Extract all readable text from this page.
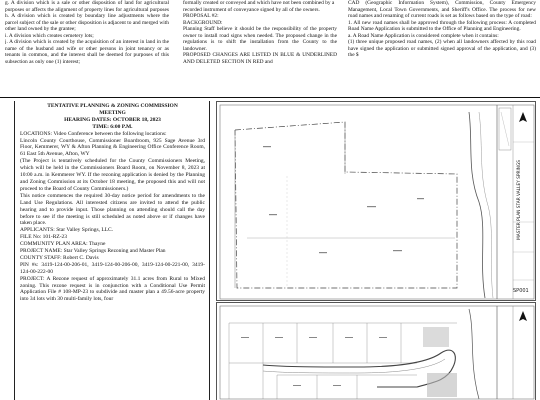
g. A division which is a sale or other disposition of land for agricultural purposes or affects the alignment of property lines for agricultural purposes h. A division which is created by boundary line adjustments where the parcel subject of the sale or other disposition is adjacent to and merged with other land owned by the grantee;

i. A division which creates cemetery lots;

j. A division which is created by the acquisition of an interest in land in the name of the husband and wife or other persons in joint tenancy or as tenants in common, and the interest shall be deemed for purposes of this subsection as only one (1) interest;

formally created or conveyed and which have not been combined by a

recorded instrument of conveyance signed by all of the owners.

PROPOSAL #2:

BACKGROUND:

Planning Staff believe it should be the responsibility of the property owner to install road signs when needed. The proposed change in the regulations is to shift the installation from the County to the landowner.

PROPOSED CHANGES ARE LISTED IN BLUE & UNDERLINED AND DELETED SECTION IN RED and

CAD (Geographic Information System), Commission, County Emergency Management, Local Town Governments, and Sheriff's Office. The process for new road names and renaming of current roads is set as follows based on the type of road:

1. All new road names shall be approved through the following process: A completed Road Name Application is submitted to the Office of Planning and Engineering.

a. A Road Name Application is considered complete when it contains:

(1) three unique proposed road names, (2) when all landowners affected by this road have signed the application or submitted signed approval of the application, and (3) the $

TENTATIVE PLANNING & ZONING COMMISSION
MEETING
HEARING DATES: OCTOBER 18, 2023
TIME: 6:00 P.M.

LOCATIONS: Video Conference between the following locations:

Lincoln County Courthouse, Commissioner Boardroom, 925 Sage Avenue 3rd Floor, Kemmerer, WY & Afton Planning & Engineering Office Conference Room, 61 East 5th Avenue, Afton, WY

(The Project is tentatively scheduled for the County Commissioners Meeting, which will be held in the Commissioners Board Room, on November 8, 2023 at 10:00 a.m. in Kemmerer WY. If the rezoning application is denied by the Planning and Zoning Commission at its October 18 meeting, the proposed this and will not proceed to the Board of County Commissioners.)

This notice commences the required 30-day notice period for amendments to the Land Use Regulations. All interested citizens are invited to attend the public hearing and to provide input. Those planning on attending should call the day before to see if the meeting is still scheduled as noted above or if changes have taken place.

APPLICANTS: Star Valley Springs, LLC.

FILE No: 101-RZ-23

COMMUNITY PLAN AREA: Thayne

PROJECT NAME: Star Valley Springs Rezoning and Master Plan

COUNTY STAFF: Robert C. Davis

PIN #s: 3419-124-00-206-01, 3419-124-00-206-00, 3419-124-00-221-00, 3419-124-00-222-00

PROJECT: A Rezone request of approximately 31.1 acres from Rural to Mixed zoning. This rezone request is in conjunction with a Conditional Use Permit Application File # 108-MP-23 to subdivide and master plan a 49.56-acre property into 34 lots with 30 multi-family lots, four

MASTER PLAN STAR VALLEY SPRINGS
SP001
